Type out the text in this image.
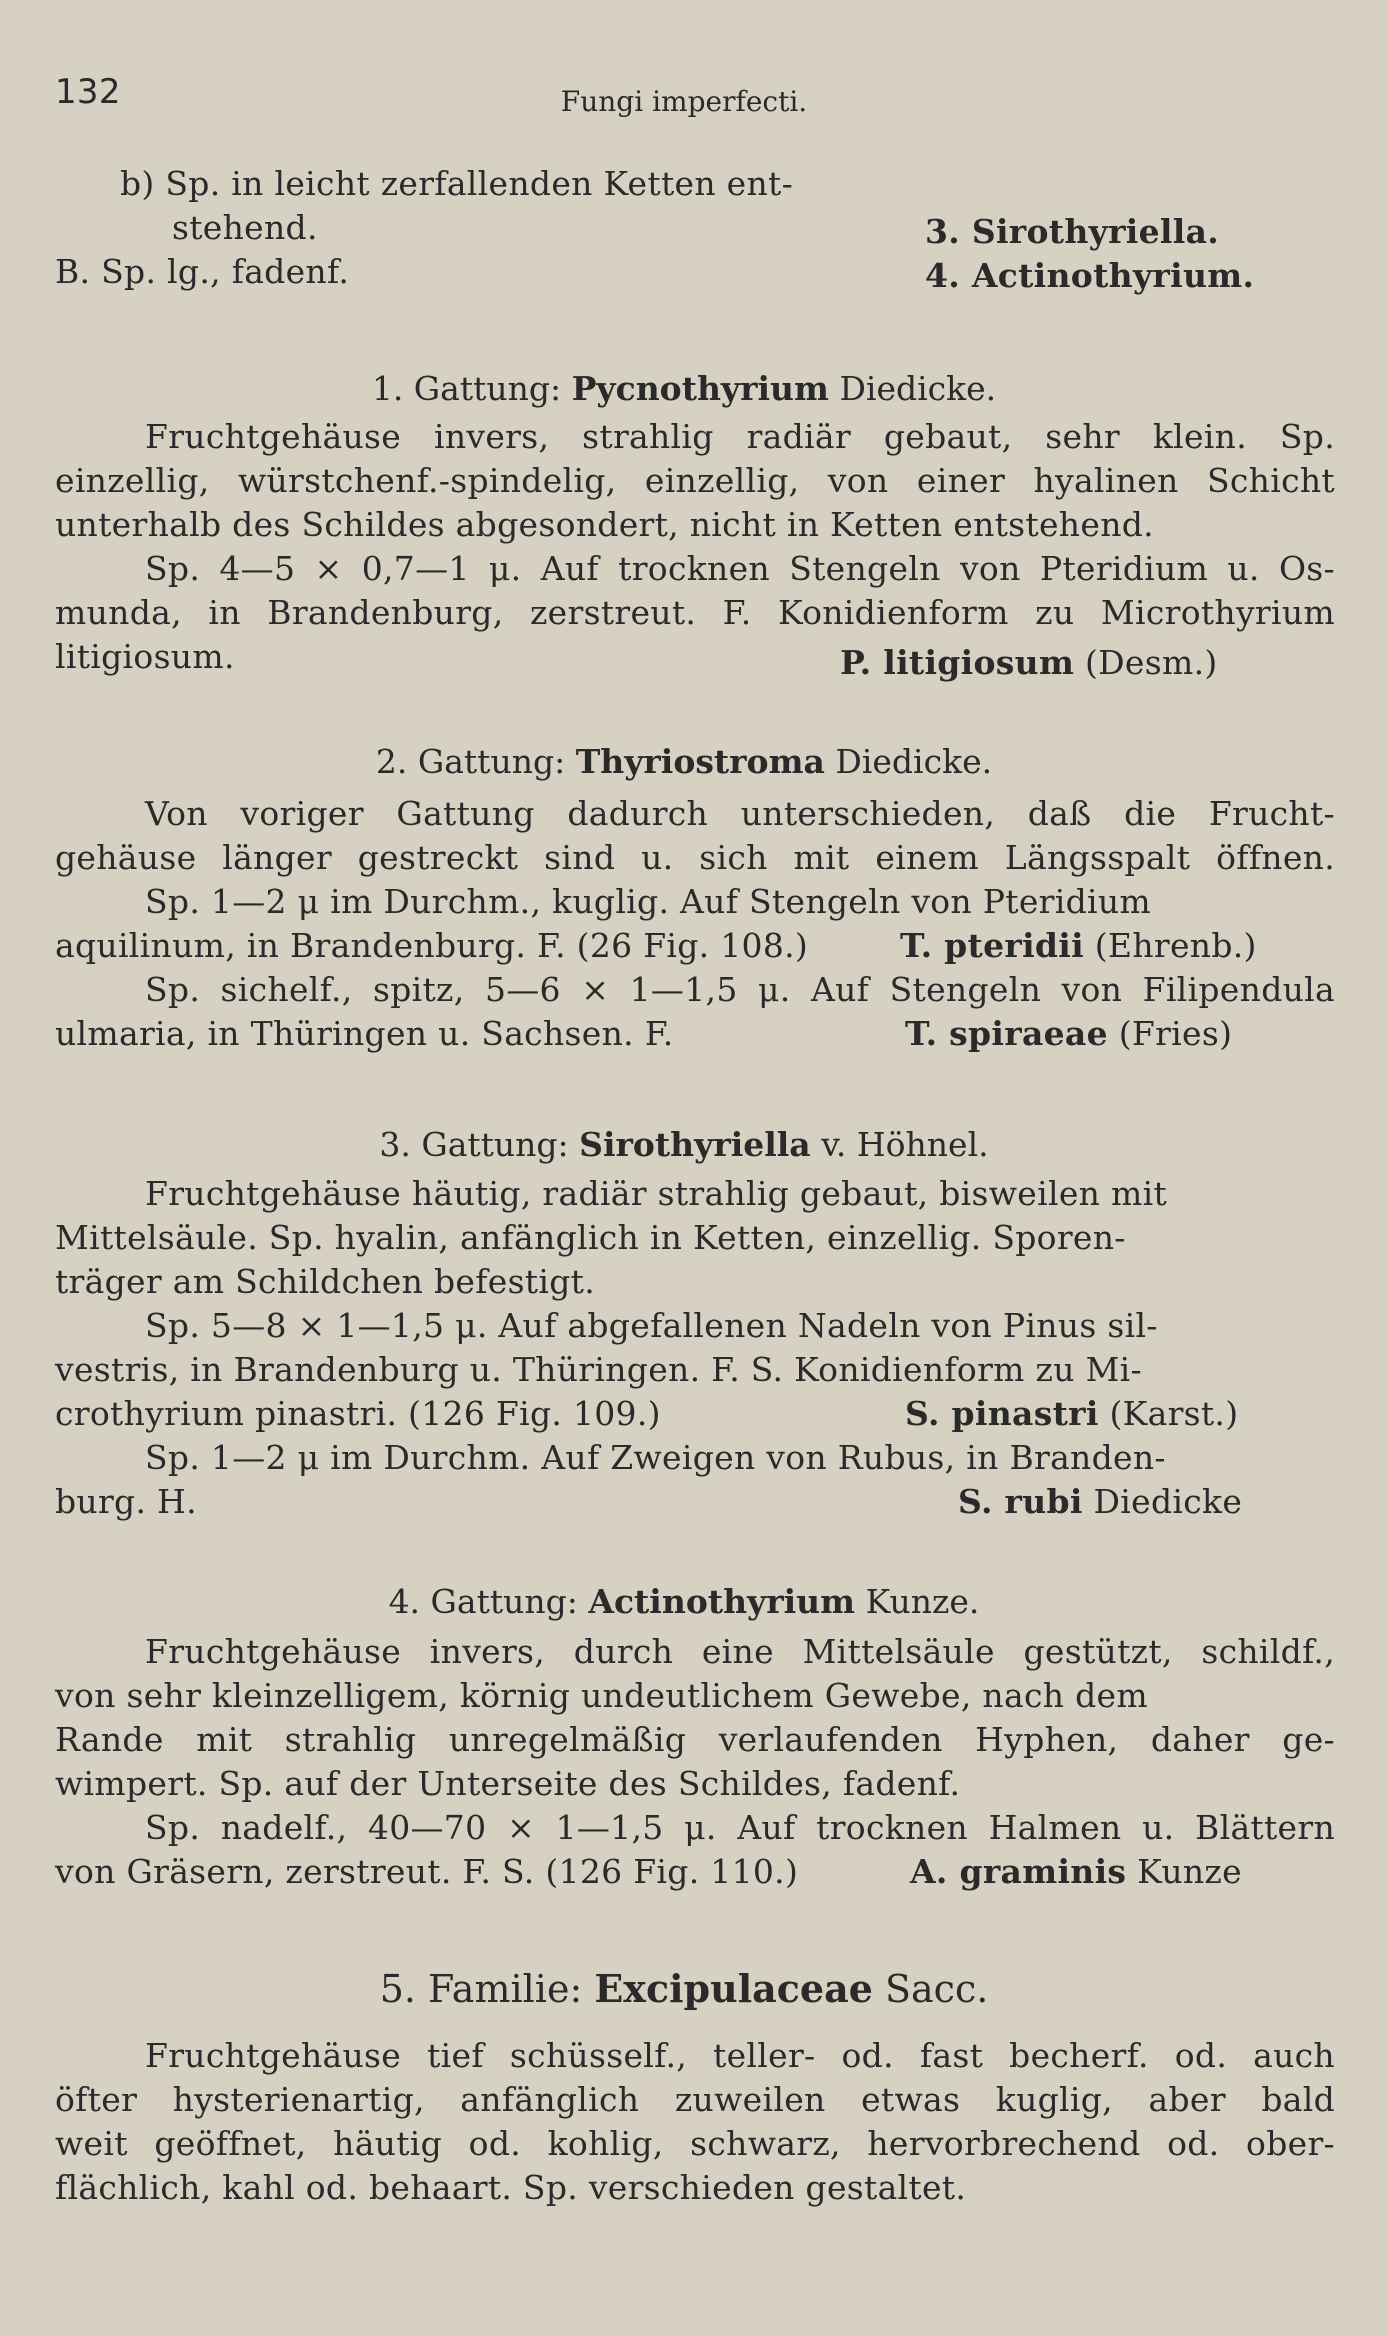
132	Fungi imperfecti.
b) Sp. in leicht zerfallenden Ketten ent-
stehend.	3. Sirothyriella.
B. Sp. lg., fadenf.	4. Actinothyrium.
1. Gattung: Pycnothyrium Diedicke.
Fruchtgehäuse invers, strahlig radiär gebaut, sehr klein. Sp.
einzellig, würstchenf.-spindelig, einzellig, von einer hyalinen Schicht
unterhalb des Schildes abgesondert, nicht in Ketten entstehend.
Sp. 4—5 × 0,7—1 μ. Auf trocknen Stengeln von Pteridium u. Os-
munda, in Brandenburg, zerstreut. F. Konidienform zu Microthyrium
litigiosum.	P. litigiosum (Desm.)
2. Gattung: Thyriostroma Diedicke.
Von voriger Gattung dadurch unterschieden, daß die Frucht-
gehäuse länger gestreckt sind u. sich mit einem Längsspalt öffnen.
Sp. 1—2 μ im Durchm., kuglig. Auf Stengeln von Pteridium
aquilinum, in Brandenburg. F. (26 Fig. 108.)	T. pteridii (Ehrenb.)
Sp. sichelf., spitz, 5—6 × 1—1,5 μ. Auf Stengeln von Filipendula
ulmaria, in Thüringen u. Sachsen. F.	T. spiraeae (Fries)
3. Gattung: Sirothyriella v. Höhnel.
Fruchtgehäuse häutig, radiär strahlig gebaut, bisweilen mit
Mittelsäule. Sp. hyalin, anfänglich in Ketten, einzellig. Sporen-
träger am Schildchen befestigt.
Sp. 5—8 × 1—1,5 μ. Auf abgefallenen Nadeln von Pinus sil-
vestris, in Brandenburg u. Thüringen. F. S. Konidienform zu Mi-
crothyrium pinastri. (126 Fig. 109.)	S. pinastri (Karst.)
Sp. 1—2 μ im Durchm. Auf Zweigen von Rubus, in Branden-
burg. H.	S. rubi Diedicke
4. Gattung: Actinothyrium Kunze.
Fruchtgehäuse invers, durch eine Mittelsäule gestützt, schildf.,
von sehr kleinzelligem, körnig undeutlichem Gewebe, nach dem
Rande mit strahlig unregelmäßig verlaufenden Hyphen, daher ge-
wimpert. Sp. auf der Unterseite des Schildes, fadenf.
Sp. nadelf., 40—70 × 1—1,5 μ. Auf trocknen Halmen u. Blättern
von Gräsern, zerstreut. F. S. (126 Fig. 110.)	A. graminis Kunze
5. Familie: Excipulaceae Sacc.
Fruchtgehäuse tief schüsself., teller- od. fast becherf. od. auch
öfter hysterienartig, anfänglich zuweilen etwas kuglig, aber bald
weit geöffnet, häutig od. kohlig, schwarz, hervorbrechend od. ober-
flächlich, kahl od. behaart. Sp. verschieden gestaltet.
